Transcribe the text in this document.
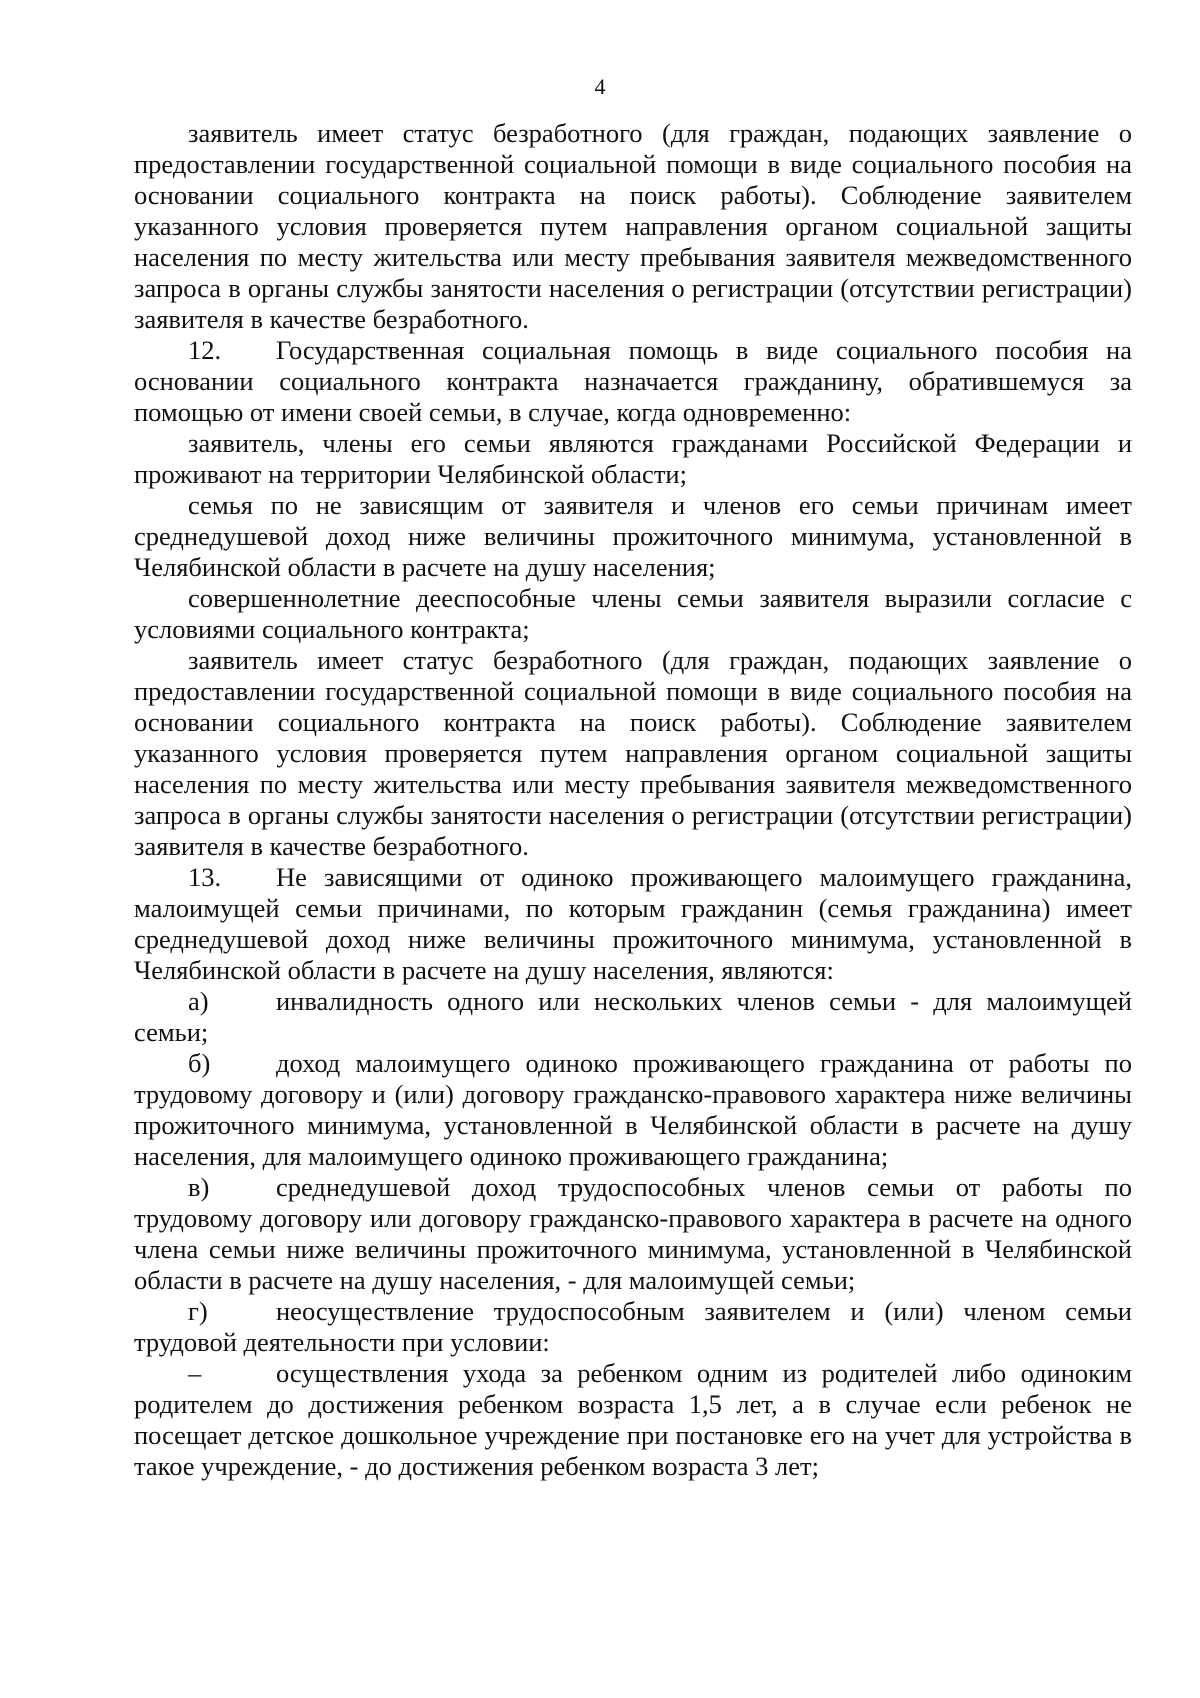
4

заявитель имеет статус безработного (для граждан, подающих заявление о предоставлении государственной социальной помощи в виде социального пособия на основании социального контракта на поиск работы). Соблюдение заявителем указанного условия проверяется путем направления органом социальной защиты населения по месту жительства или месту пребывания заявителя межведомственного запроса в органы службы занятости населения о регистрации (отсутствии регистрации) заявителя в качестве безработного.

12. Государственная социальная помощь в виде социального пособия на основании социального контракта назначается гражданину, обратившемуся за помощью от имени своей семьи, в случае, когда одновременно:

заявитель, члены его семьи являются гражданами Российской Федерации и проживают на территории Челябинской области;

семья по не зависящим от заявителя и членов его семьи причинам имеет среднедушевой доход ниже величины прожиточного минимума, установленной в Челябинской области в расчете на душу населения;

совершеннолетние дееспособные члены семьи заявителя выразили согласие с условиями социального контракта;

заявитель имеет статус безработного (для граждан, подающих заявление о предоставлении государственной социальной помощи в виде социального пособия на основании социального контракта на поиск работы). Соблюдение заявителем указанного условия проверяется путем направления органом социальной защиты населения по месту жительства или месту пребывания заявителя межведомственного запроса в органы службы занятости населения о регистрации (отсутствии регистрации) заявителя в качестве безработного.

13. Не зависящими от одиноко проживающего малоимущего гражданина, малоимущей семьи причинами, по которым гражданин (семья гражданина) имеет среднедушевой доход ниже величины прожиточного минимума, установленной в Челябинской области в расчете на душу населения, являются:

а)	инвалидность одного или нескольких членов семьи - для малоимущей семьи;

б) доход малоимущего одиноко проживающего гражданина от работы по трудовому договору и (или) договору гражданско-правового характера ниже величины прожиточного минимума, установленной в Челябинской области в расчете на душу населения, для малоимущего одиноко проживающего гражданина;

в)	среднедушевой доход трудоспособных членов семьи от работы по трудовому договору или договору гражданско-правового характера в расчете на одного члена семьи ниже величины прожиточного минимума, установленной в Челябинской области в расчете на душу населения, - для малоимущей семьи;

г)	неосуществление трудоспособным заявителем и (или) членом семьи трудовой деятельности при условии:

–	осуществления ухода за ребенком одним из родителей либо одиноким родителем до достижения ребенком возраста 1,5 лет, а в случае если ребенок не посещает детское дошкольное учреждение при постановке его на учет для устройства в такое учреждение, - до достижения ребенком возраста 3 лет;
